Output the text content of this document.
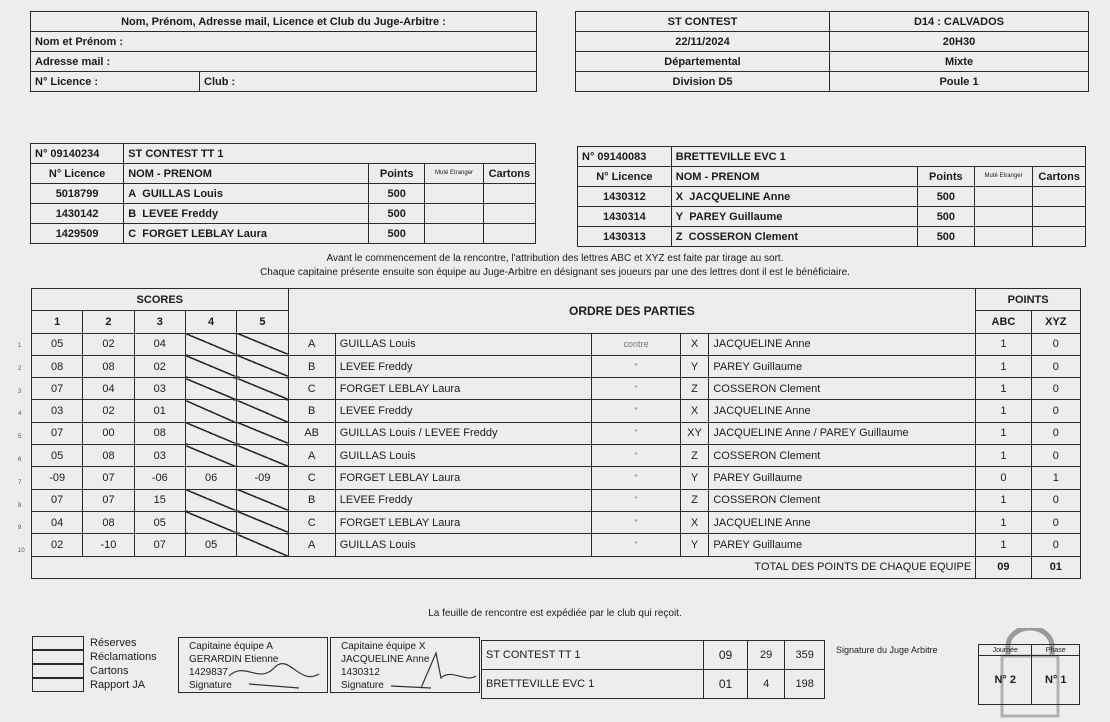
Nom, Prénom, Adresse mail, Licence et Club du Juge-Arbitre :
Nom et Prénom :
Adresse mail :
N° Licence :	Club :
ST CONTEST	D14 : CALVADOS
22/11/2024	20H30
Départemental	Mixte
Division D5	Poule 1
N° 09140234	ST CONTEST TT 1			
N° Licence	NOM - PRENOM	Points	Muté Etranger	Cartons
5018799	A GUILLAS Louis	500		
1430142	B LEVEE Freddy	500		
1429509	C FORGET LEBLAY Laura	500		
N° 09140083	BRETTEVILLE EVC 1			
N° Licence	NOM - PRENOM	Points	Muté Etranger	Cartons
1430312	X JACQUELINE Anne	500		
1430314	Y PAREY Guillaume	500		
1430313	Z COSSERON Clement	500		
Avant le commencement de la rencontre, l'attribution des lettres ABC et XYZ est faite par tirage au sort.
Chaque capitaine présente ensuite son équipe au Juge-Arbitre en désignant ses joueurs par une des lettres dont il est le bénéficiaire.
SCORES					ORDRE DES PARTIES					POINTS	
1	2	3	4	5						ABC	XYZ
05	02	04			A	GUILLAS Louis	contre	X	JACQUELINE Anne	1	0
08	08	02			B	LEVEE Freddy	"	Y	PAREY Guillaume	1	0
07	04	03			C	FORGET LEBLAY Laura	"	Z	COSSERON Clement	1	0
03	02	01			B	LEVEE Freddy	"	X	JACQUELINE Anne	1	0
07	00	08			AB	GUILLAS Louis / LEVEE Freddy	"	XY	JACQUELINE Anne / PAREY Guillaume	1	0
05	08	03			A	GUILLAS Louis	"	Z	COSSERON Clement	1	0
-09	07	-06	06	-09	C	FORGET LEBLAY Laura	"	Y	PAREY Guillaume	0	1
07	07	15			B	LEVEE Freddy	"	Z	COSSERON Clement	1	0
04	08	05			C	FORGET LEBLAY Laura	"	X	JACQUELINE Anne	1	0
02	-10	07	05		A	GUILLAS Louis	"	Y	PAREY Guillaume	1	0
TOTAL DES POINTS DE CHAQUE EQUIPE										09	01
1
2
3
4
5
6
7
8
9
10
La feuille de rencontre est expédiée par le club qui reçoit.
Réserves
Réclamations
Cartons
Rapport JA
Capitaine équipe A
GERARDIN Etienne
1429837
Signature
Capitaine équipe X
JACQUELINE Anne
1430312
Signature
ST CONTEST TT 1	09	29	359
BRETTEVILLE EVC 1	01	4	198
Signature du Juge Arbitre	Journée	Phase
N° 2	N° 1
